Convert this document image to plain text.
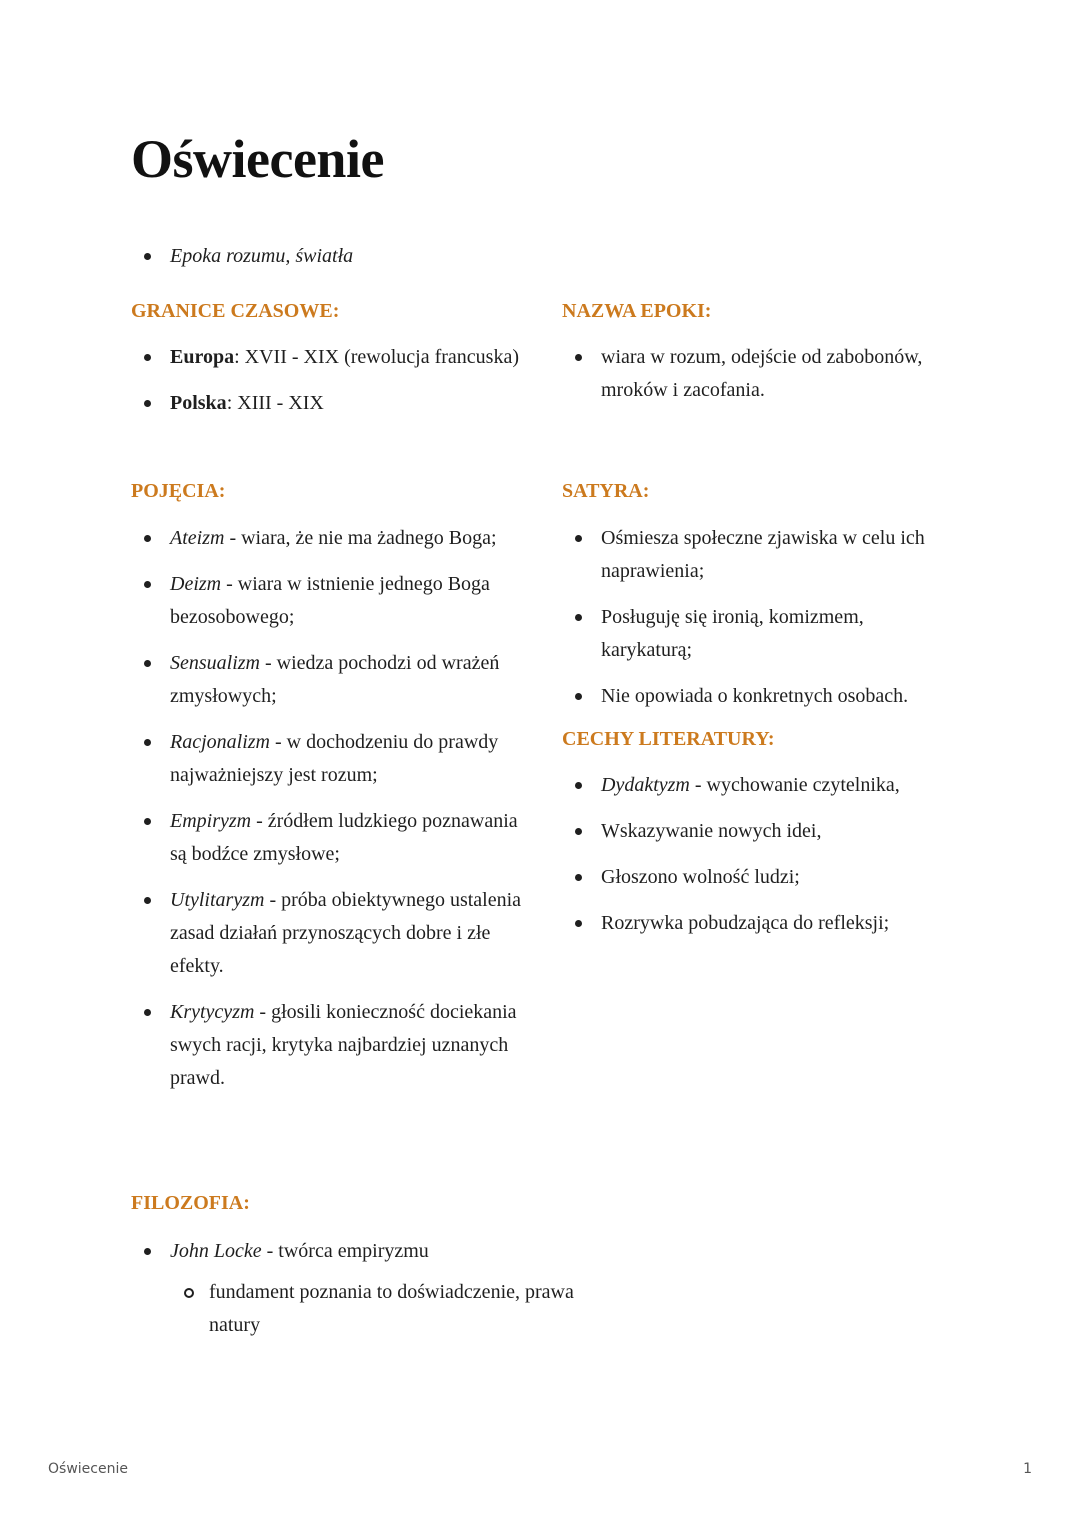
Oświecenie
Epoka rozumu, światła
GRANICE CZASOWE:
Europa: XVII - XIX (rewolucja francuska)
Polska: XIII - XIX
NAZWA EPOKI:
wiara w rozum, odejście od zabobonów, mroków i zacofania.
POJĘCIA:
Ateizm - wiara, że nie ma żadnego Boga;
Deizm - wiara w istnienie jednego Boga bezosobowego;
Sensualizm - wiedza pochodzi od wrażeń zmysłowych;
Racjonalizm - w dochodzeniu do prawdy najważniejszy jest rozum;
Empiryzm - źródłem ludzkiego poznawania są bodźce zmysłowe;
Utylitaryzm - próba obiektywnego ustalenia zasad działań przynoszących dobre i złe efekty.
Krytycyzm - głosili konieczność dociekania swych racji, krytyka najbardziej uznanych prawd.
SATYRA:
Ośmiesza społeczne zjawiska w celu ich naprawienia;
Posługuję się ironią, komizmem, karykaturą;
Nie opowiada o konkretnych osobach.
CECHY LITERATURY:
Dydaktyzm - wychowanie czytelnika,
Wskazywanie nowych idei,
Głoszono wolność ludzi;
Rozrywka pobudzająca do refleksji;
FILOZOFIA:
John Locke - twórca empiryzmu
fundament poznania to doświadczenie, prawa natury
Oświecenie	1
